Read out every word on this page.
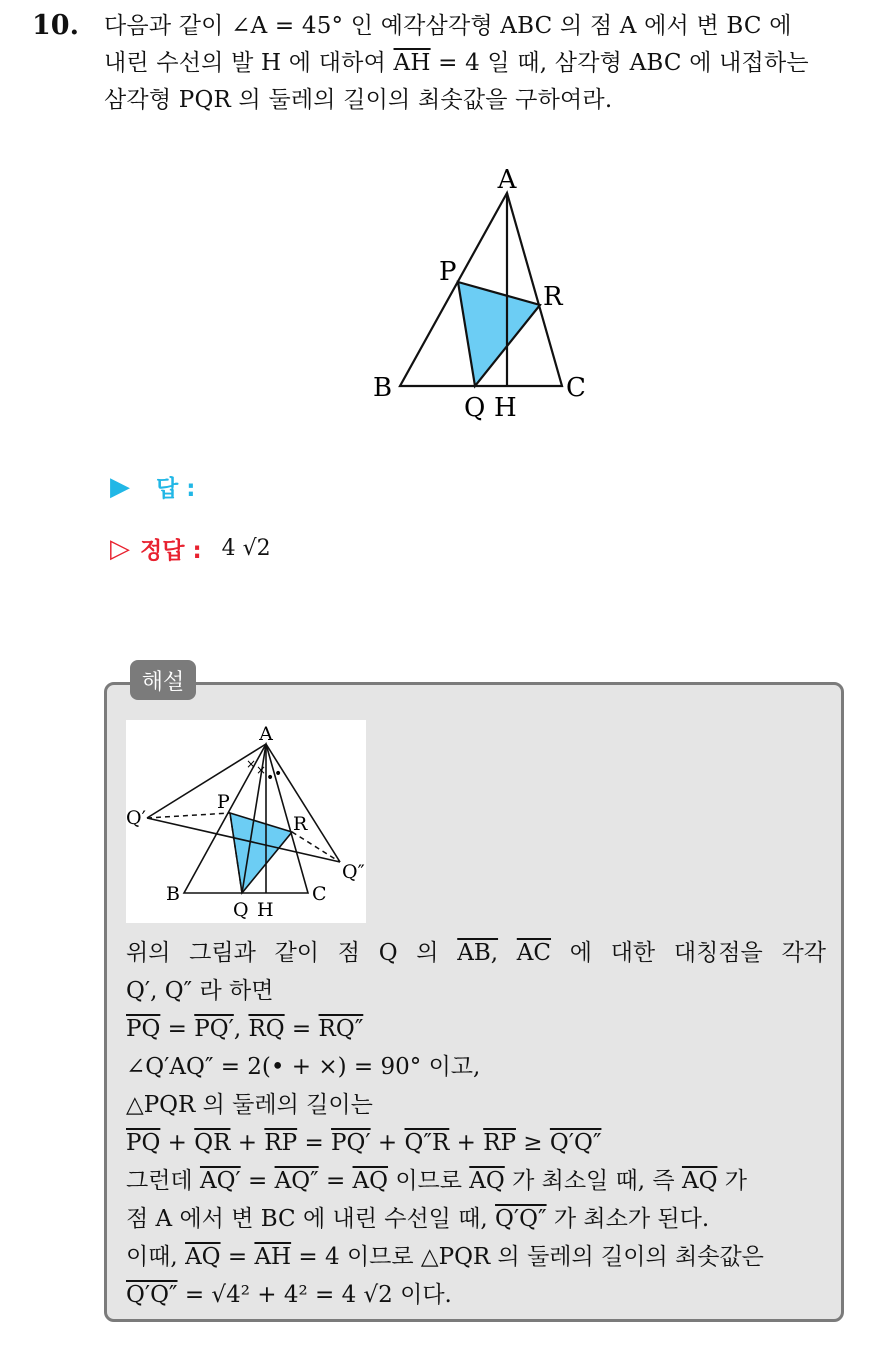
10. 다음과 같이 ∠A = 45° 인 예각삼각형 ABC 의 점 A 에서 변 BC 에
내린 수선의 발 H 에 대하여 $\overline{AH} = 4$ 일 때, 삼각형 ABC 에 내접하는
삼각형 PQR 의 둘레의 길이의 최솟값을 구하여라.
A
B	C
P
R
Q H
▶ 답 :
▷ 정답 : 4 √2
해설
× × • •
A
Q′
Q″
P
R
B	C
Q H
위의 그림과 같이 점 Q 의 AB, $\overline{AC}$ 에 대한 대칭점을 각각
Q′, Q″ 라 하면
$\overline{PQ} = PQ'$, $\overline{RQ} = RQ''$
∠Q′AQ″ = 2(• + ×) = 90° 이고,
△PQR 의 둘레의 길이는
$\overline{PQ} + \overline{QR} + \overline{RP} = PQ' + Q''R + \overline{RP} \ge Q'Q''$
그런데 $AQ' = AQ'' = \overline{AQ}$ 이므로 $\overline{AQ}$ 가 최소일 때, 즉 $\overline{AQ}$ 가
점 A 에서 변 BC 에 내린 수선일 때, Q′Q″ 가 최소가 된다.
이때, $\overline{AQ} = \overline{AH} = 4$ 이므로 △PQR 의 둘레의 길이의 최솟값은
Q′Q″ = √4² + 4² = 4 √2 이다.
